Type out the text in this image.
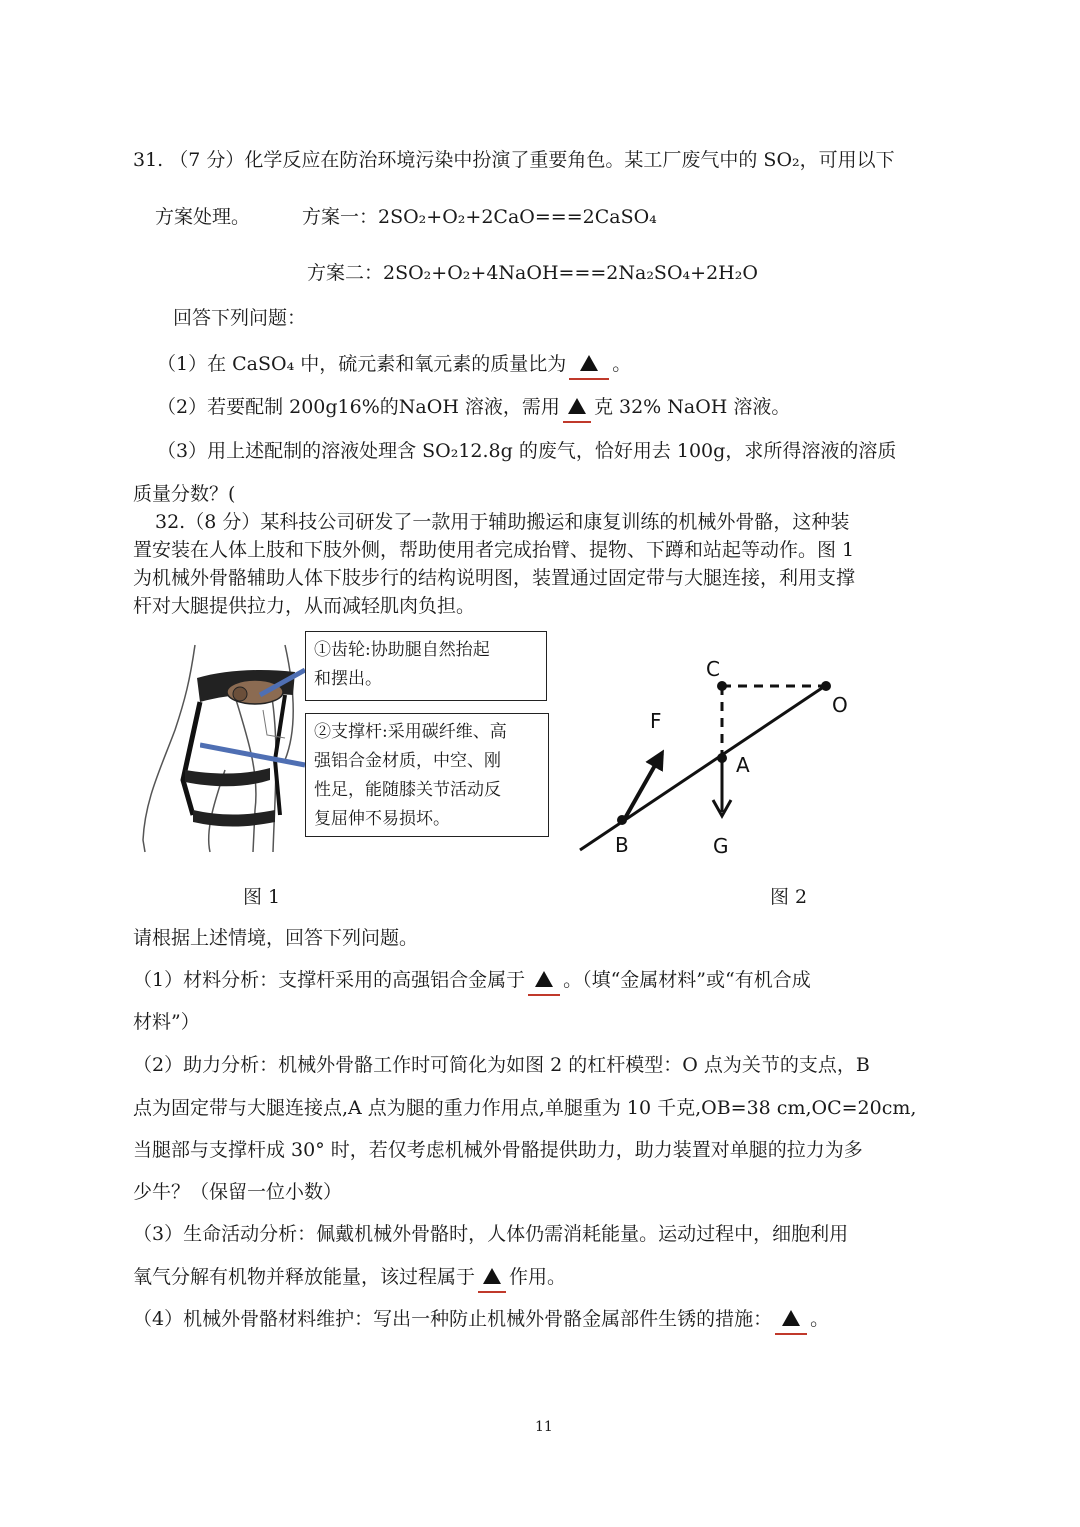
31. （7 分）化学反应在防治环境污染中扮演了重要角色。某工厂废气中的 SO₂，可用以下
方案处理。	方案一：2SO₂+O₂+2CaO===2CaSO₄
方案二：2SO₂+O₂+4NaOH===2Na₂SO₄+2H₂O
回答下列问题：
（1）在 CaSO₄ 中，硫元素和氧元素的质量比为 。
（2）若要配制 200g16%的NaOH 溶液，需用 克 32% NaOH 溶液。
（3）用上述配制的溶液处理含 SO₂12.8g 的废气，恰好用去 100g，求所得溶液的溶质
质量分数？(
32.（8 分）某科技公司研发了一款用于辅助搬运和康复训练的机械外骨骼，这种装
置安装在人体上肢和下肢外侧，帮助使用者完成抬臂、提物、下蹲和站起等动作。图 1
为机械外骨骼辅助人体下肢步行的结构说明图，装置通过固定带与大腿连接，利用支撑
杆对大腿提供拉力，从而减轻肌肉负担。
①齿轮:协助腿自然抬起
和摆出。
②支撑杆:采用碳纤维、高
强铝合金材质，中空、刚
性足，能随膝关节活动反
复屈伸不易损坏。
C
O
F
A
B	G
图 1	图 2
请根据上述情境，回答下列问题。
（1）材料分析：支撑杆采用的高强铝合金属于 。（填“金属材料”或“有机合成
材料”）
（2）助力分析：机械外骨骼工作时可简化为如图 2 的杠杆模型：O 点为关节的支点，B
点为固定带与大腿连接点,A 点为腿的重力作用点,单腿重为 10 千克,OB=38 cm,OC=20cm,
当腿部与支撑杆成 30° 时，若仅考虑机械外骨骼提供助力，助力装置对单腿的拉力为多
少牛？（保留一位小数）
（3）生命活动分析：佩戴机械外骨骼时，人体仍需消耗能量。运动过程中，细胞利用
氧气分解有机物并释放能量，该过程属于 作用。
（4）机械外骨骼材料维护：写出一种防止机械外骨骼金属部件生锈的措施： 。
11
